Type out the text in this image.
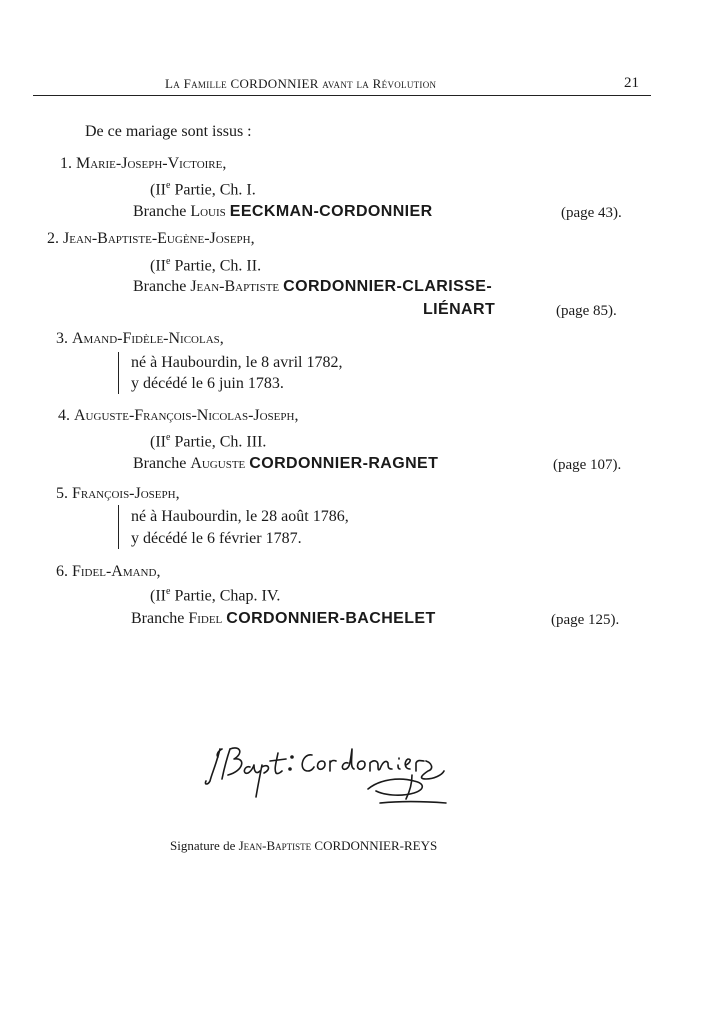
La Famille CORDONNIER avant la Révolution	21
De ce mariage sont issus :
1. Marie-Joseph-Victoire,
(IIe Partie, Ch. I.
Branche Louis EECKMAN-CORDONNIER	(page 43).
2. Jean-Baptiste-Eugène-Joseph,
(IIe Partie, Ch. II.
Branche Jean-Baptiste CORDONNIER-CLARISSE-
LIÉNART	(page 85).
3. Amand-Fidèle-Nicolas,
né à Haubourdin, le 8 avril 1782,
y décédé le 6 juin 1783.
4. Auguste-François-Nicolas-Joseph,
(IIe Partie, Ch. III.
Branche Auguste CORDONNIER-RAGNET	(page 107).
5. François-Joseph,
né à Haubourdin, le 28 août 1786,
y décédé le 6 février 1787.
6. Fidel-Amand,
(IIe Partie, Chap. IV.
Branche Fidel CORDONNIER-BACHELET	(page 125).
Signature de Jean-Baptiste CORDONNIER-REYS
